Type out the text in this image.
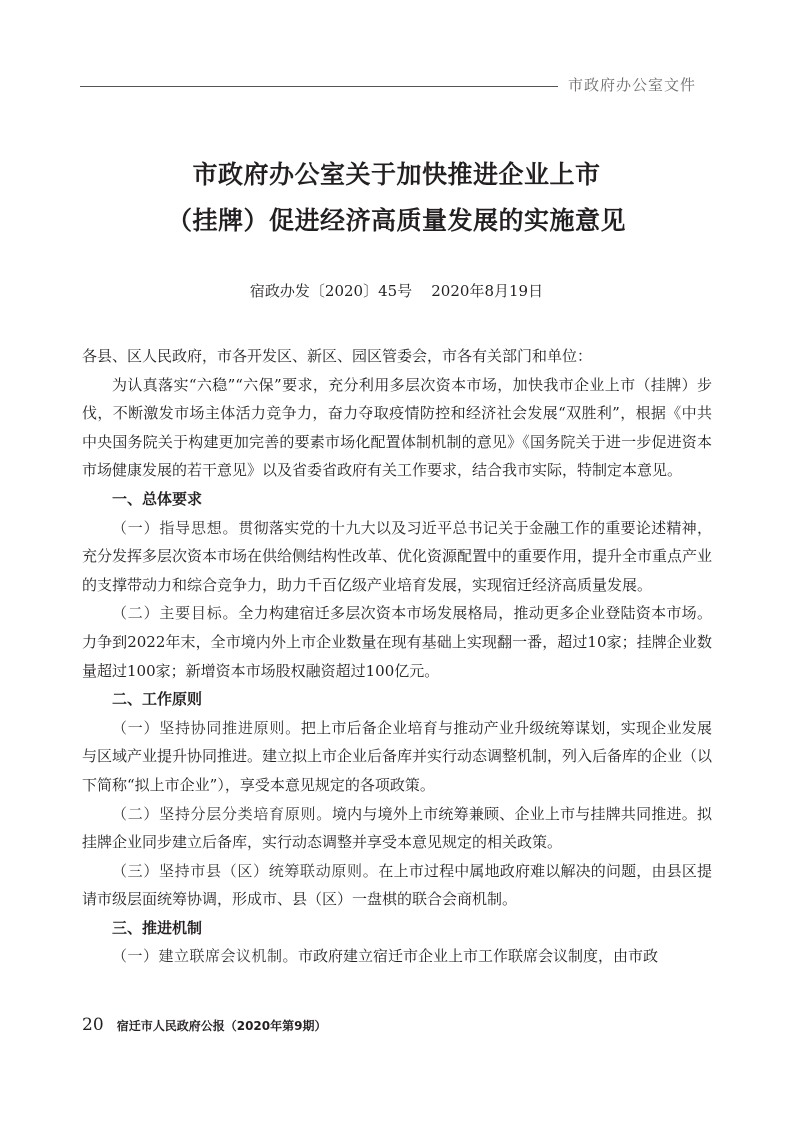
市政府办公室文件
市政府办公室关于加快推进企业上市
（挂牌）促进经济高质量发展的实施意见
宿政办发〔2020〕45号 2020年8月19日

各县、区人民政府，市各开发区、新区、园区管委会，市各有关部门和单位：

为认真落实“六稳”“六保”要求，充分利用多层次资本市场，加快我市企业上市（挂牌）步伐，不断激发市场主体活力竞争力，奋力夺取疫情防控和经济社会发展“双胜利”，根据《中共中央国务院关于构建更加完善的要素市场化配置体制机制的意见》《国务院关于进一步促进资本市场健康发展的若干意见》以及省委省政府有关工作要求，结合我市实际，特制定本意见。

一、总体要求

（一）指导思想。贯彻落实党的十九大以及习近平总书记关于金融工作的重要论述精神，充分发挥多层次资本市场在供给侧结构性改革、优化资源配置中的重要作用，提升全市重点产业的支撑带动力和综合竞争力，助力千百亿级产业培育发展，实现宿迁经济高质量发展。

（二）主要目标。全力构建宿迁多层次资本市场发展格局，推动更多企业登陆资本市场。力争到2022年末，全市境内外上市企业数量在现有基础上实现翻一番，超过10家；挂牌企业数量超过100家；新增资本市场股权融资超过100亿元。

二、工作原则

（一）坚持协同推进原则。把上市后备企业培育与推动产业升级统筹谋划，实现企业发展与区域产业提升协同推进。建立拟上市企业后备库并实行动态调整机制，列入后备库的企业（以下简称“拟上市企业”），享受本意见规定的各项政策。

（二）坚持分层分类培育原则。境内与境外上市统筹兼顾、企业上市与挂牌共同推进。拟挂牌企业同步建立后备库，实行动态调整并享受本意见规定的相关政策。

（三）坚持市县（区）统筹联动原则。在上市过程中属地政府难以解决的问题，由县区提请市级层面统筹协调，形成市、县（区）一盘棋的联合会商机制。

三、推进机制

（一）建立联席会议机制。市政府建立宿迁市企业上市工作联席会议制度，由市政

20 宿迁市人民政府公报（2020年第9期）
